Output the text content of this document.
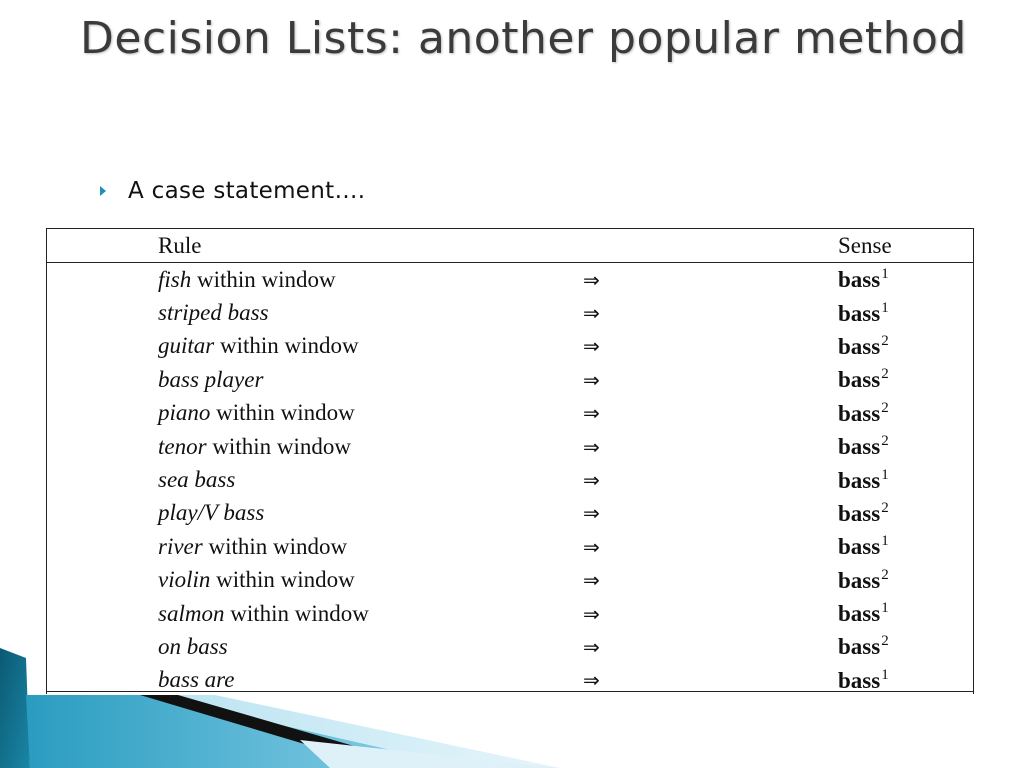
Decision Lists: another popular method
A case statement….
Rule		Sense
fish within window	⇒	bass$^1$
striped bass	⇒	bass$^1$
guitar within window	⇒	bass$^2$
bass player	⇒	bass$^2$
piano within window	⇒	bass$^2$
tenor within window	⇒	bass$^2$
sea bass	⇒	bass$^1$
play/V bass	⇒	bass$^2$
river within window	⇒	bass$^1$
violin within window	⇒	bass$^2$
salmon within window	⇒	bass$^1$
on bass	⇒	bass$^2$
bass are	⇒	bass$^1$
